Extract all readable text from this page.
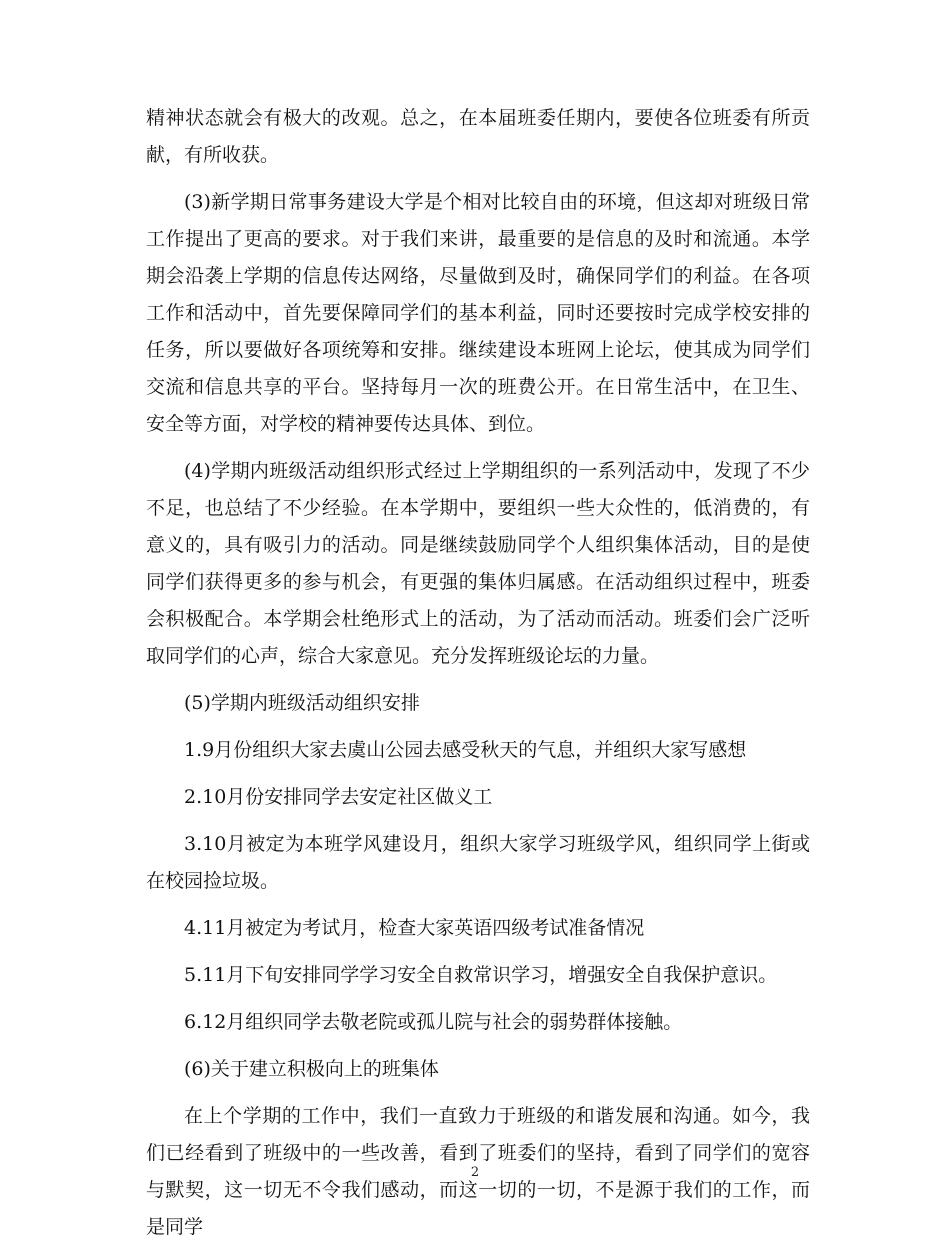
精神状态就会有极大的改观。总之，在本届班委任期内，要使各位班委有所贡献，有所收获。

(3)新学期日常事务建设大学是个相对比较自由的环境，但这却对班级日常工作提出了更高的要求。对于我们来讲，最重要的是信息的及时和流通。本学期会沿袭上学期的信息传达网络，尽量做到及时，确保同学们的利益。在各项工作和活动中，首先要保障同学们的基本利益，同时还要按时完成学校安排的任务，所以要做好各项统筹和安排。继续建设本班网上论坛，使其成为同学们交流和信息共享的平台。坚持每月一次的班费公开。在日常生活中，在卫生、安全等方面，对学校的精神要传达具体、到位。

(4)学期内班级活动组织形式经过上学期组织的一系列活动中，发现了不少不足，也总结了不少经验。在本学期中，要组织一些大众性的，低消费的，有意义的，具有吸引力的活动。同是继续鼓励同学个人组织集体活动，目的是使同学们获得更多的参与机会，有更强的集体归属感。在活动组织过程中，班委会积极配合。本学期会杜绝形式上的活动，为了活动而活动。班委们会广泛听取同学们的心声，综合大家意见。充分发挥班级论坛的力量。

(5)学期内班级活动组织安排

1.9月份组织大家去虞山公园去感受秋天的气息，并组织大家写感想

2.10月份安排同学去安定社区做义工

3.10月被定为本班学风建设月，组织大家学习班级学风，组织同学上街或在校园捡垃圾。

4.11月被定为考试月，检查大家英语四级考试准备情况

5.11月下旬安排同学学习安全自救常识学习，增强安全自我保护意识。

6.12月组织同学去敬老院或孤儿院与社会的弱势群体接触。

(6)关于建立积极向上的班集体

在上个学期的工作中，我们一直致力于班级的和谐发展和沟通。如今，我们已经看到了班级中的一些改善，看到了班委们的坚持，看到了同学们的宽容与默契，这一切无不令我们感动，而这一切的一切，不是源于我们的工作，而是同学

2
